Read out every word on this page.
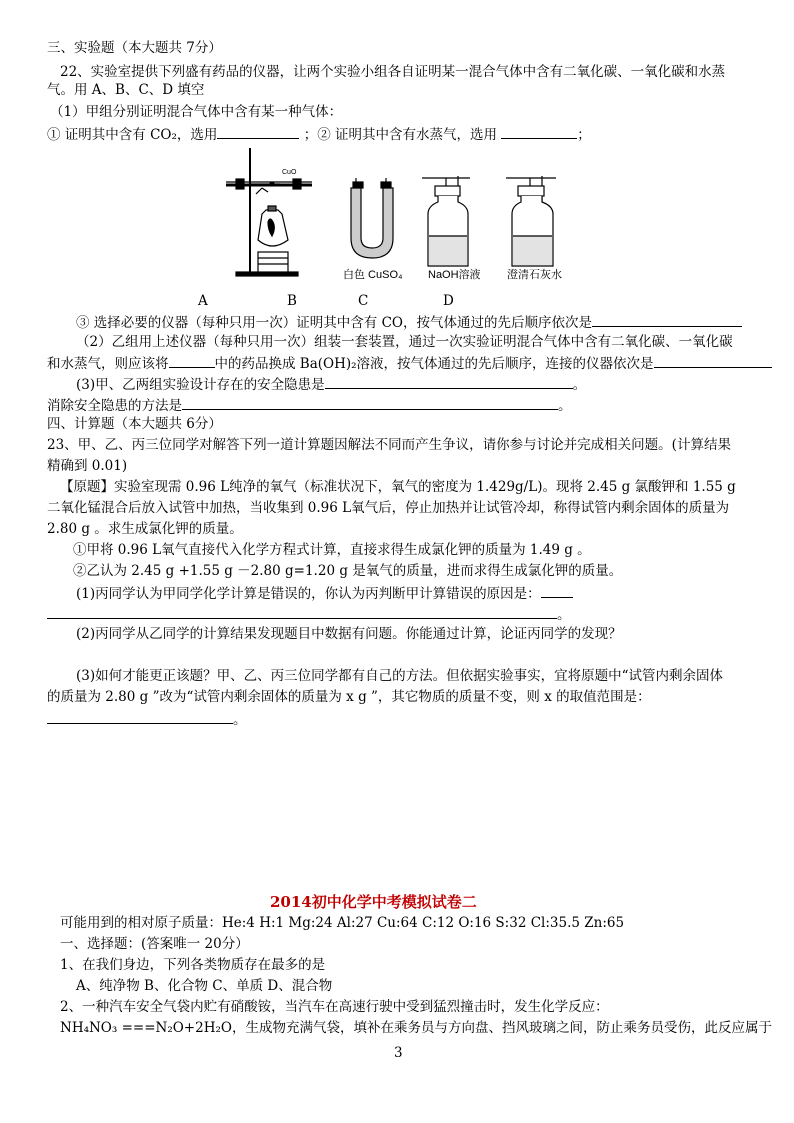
三、实验题（本大题共 7分）
22、实验室提供下列盛有药品的仪器，让两个实验小组各自证明某一混合气体中含有二氧化碳、一氧化碳和水蒸
气。用 A、B、C、D 填空
（1）甲组分别证明混合气体中含有某一种气体：
① 证明其中含有 CO₂，选用	；② 证明其中含有水蒸气，选用	；
CuO
白色 CuSO₄ NaOH溶液 澄清石灰水
A	B	C	D
③ 选择必要的仪器（每种只用一次）证明其中含有 CO，按气体通过的先后顺序依次是
（2）乙组用上述仪器（每种只用一次）组装一套装置，通过一次实验证明混合气体中含有二氧化碳、一氧化碳
和水蒸气，则应该将	中的药品换成 Ba(OH)₂溶液，按气体通过的先后顺序，连接的仪器依次是
(3)甲、乙两组实验设计存在的安全隐患是	。
消除安全隐患的方法是	。
四、计算题（本大题共 6分）
23、甲、乙、丙三位同学对解答下列一道计算题因解法不同而产生争议，请你参与讨论并完成相关问题。(计算结果
精确到 0.01)
【原题】实验室现需 0.96 L纯净的氧气（标准状况下，氧气的密度为 1.429g/L)。现将 2.45 g 氯酸钾和 1.55 g
二氧化锰混合后放入试管中加热，当收集到 0.96 L氧气后，停止加热并让试管冷却，称得试管内剩余固体的质量为
2.80 g 。求生成氯化钾的质量。
①甲将 0.96 L氧气直接代入化学方程式计算，直接求得生成氯化钾的质量为 1.49 g 。
②乙认为 2.45 g +1.55 g －2.80 g=1.20 g 是氧气的质量，进而求得生成氯化钾的质量。
(1)丙同学认为甲同学化学计算是错误的，你认为丙判断甲计算错误的原因是：
。
(2)丙同学从乙同学的计算结果发现题目中数据有问题。你能通过计算，论证丙同学的发现？
(3)如何才能更正该题？甲、乙、丙三位同学都有自己的方法。但依据实验事实，宜将原题中“试管内剩余固体
的质量为 2.80 g ”改为“试管内剩余固体的质量为 x g ”，其它物质的质量不变，则 x 的取值范围是：
。
2014初中化学中考模拟试卷二
可能用到的相对原子质量：He:4 H:1 Mg:24 Al:27 Cu:64 C:12 O:16 S:32 Cl:35.5 Zn:65
一、选择题：(答案唯一 20分）
1、在我们身边，下列各类物质存在最多的是
A、纯净物 B、化合物 C、单质 D、混合物
2、一种汽车安全气袋内贮有硝酸铵，当汽车在高速行驶中受到猛烈撞击时，发生化学反应：
NH₄NO₃ ===N₂O+2H₂O，生成物充满气袋，填补在乘务员与方向盘、挡风玻璃之间，防止乘务员受伤，此反应属于
3
